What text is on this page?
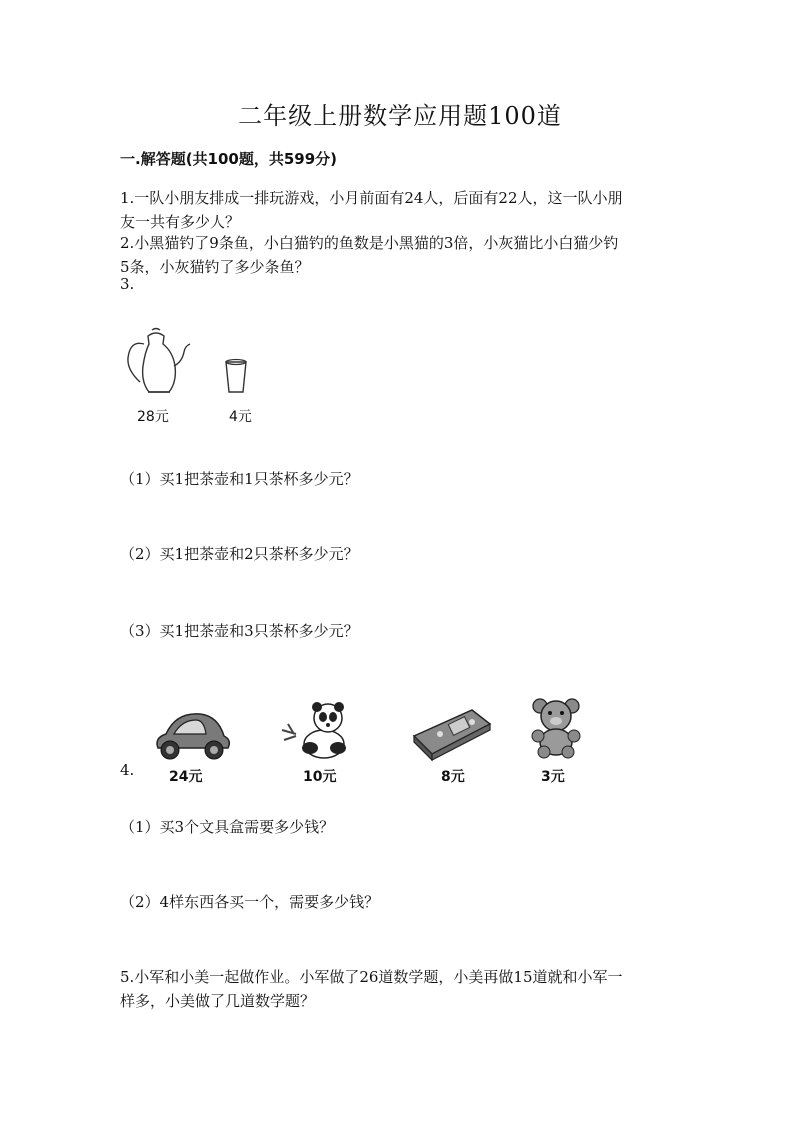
二年级上册数学应用题100道
一.解答题(共100题，共599分)
1.一队小朋友排成一排玩游戏，小月前面有24人，后面有22人，这一队小朋
友一共有多少人？
2.小黑猫钓了9条鱼，小白猫钓的鱼数是小黑猫的3倍，小灰猫比小白猫少钓
5条，小灰猫钓了多少条鱼？
3.
28元	4元
（1）买1把茶壶和1只茶杯多少元？
（2）买1把茶壶和2只茶杯多少元？
（3）买1把茶壶和3只茶杯多少元？
4.	24元	10元	8元	3元
（1）买3个文具盒需要多少钱？
（2）4样东西各买一个，需要多少钱？
5.小军和小美一起做作业。小军做了26道数学题，小美再做15道就和小军一
样多，小美做了几道数学题？
